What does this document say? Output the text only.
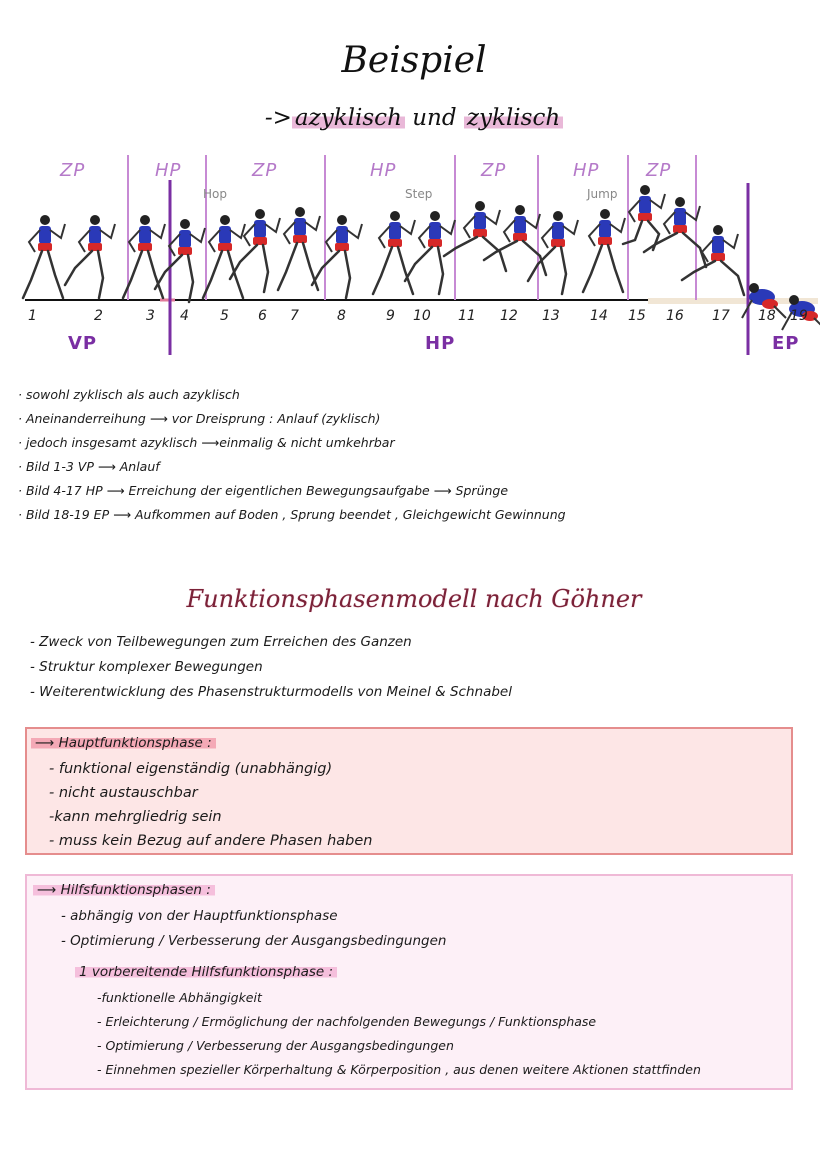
Beispiel
-> azyklisch und zyklisch
ZP	HP	ZP	HP	ZP	HP	ZP
Hop	Step	Jump
1	2	3 4 5 6 7	8	9 10 11 12 13 14 15 16 17 18 19
VP	HP	EP
· sowohl zyklisch als auch azyklisch
· Aneinanderreihung ⟶ vor Dreisprung : Anlauf (zyklisch)
· jedoch insgesamt azyklisch ⟶einmalig & nicht umkehrbar
· Bild 1-3 VP ⟶ Anlauf
· Bild 4-17 HP ⟶ Erreichung der eigentlichen Bewegungsaufgabe ⟶ Sprünge
· Bild 18-19 EP ⟶ Aufkommen auf Boden , Sprung beendet , Gleichgewicht Gewinnung
Funktionsphasenmodell nach Göhner
- Zweck von Teilbewegungen zum Erreichen des Ganzen
- Struktur komplexer Bewegungen
- Weiterentwicklung des Phasenstrukturmodells von Meinel & Schnabel
⟶ Hauptfunktionsphase :
- funktional eigenständig (unabhängig)
- nicht austauschbar
-kann mehrgliedrig sein
- muss kein Bezug auf andere Phasen haben
⟶ Hilfsfunktionsphasen :
- abhängig von der Hauptfunktionsphase
- Optimierung / Verbesserung der Ausgangsbedingungen
1 vorbereitende Hilfsfunktionsphase :
-funktionelle Abhängigkeit
- Erleichterung / Ermöglichung der nachfolgenden Bewegungs / Funktionsphase
- Optimierung / Verbesserung der Ausgangsbedingungen
- Einnehmen spezieller Körperhaltung & Körperposition , aus denen weitere Aktionen stattfinden
